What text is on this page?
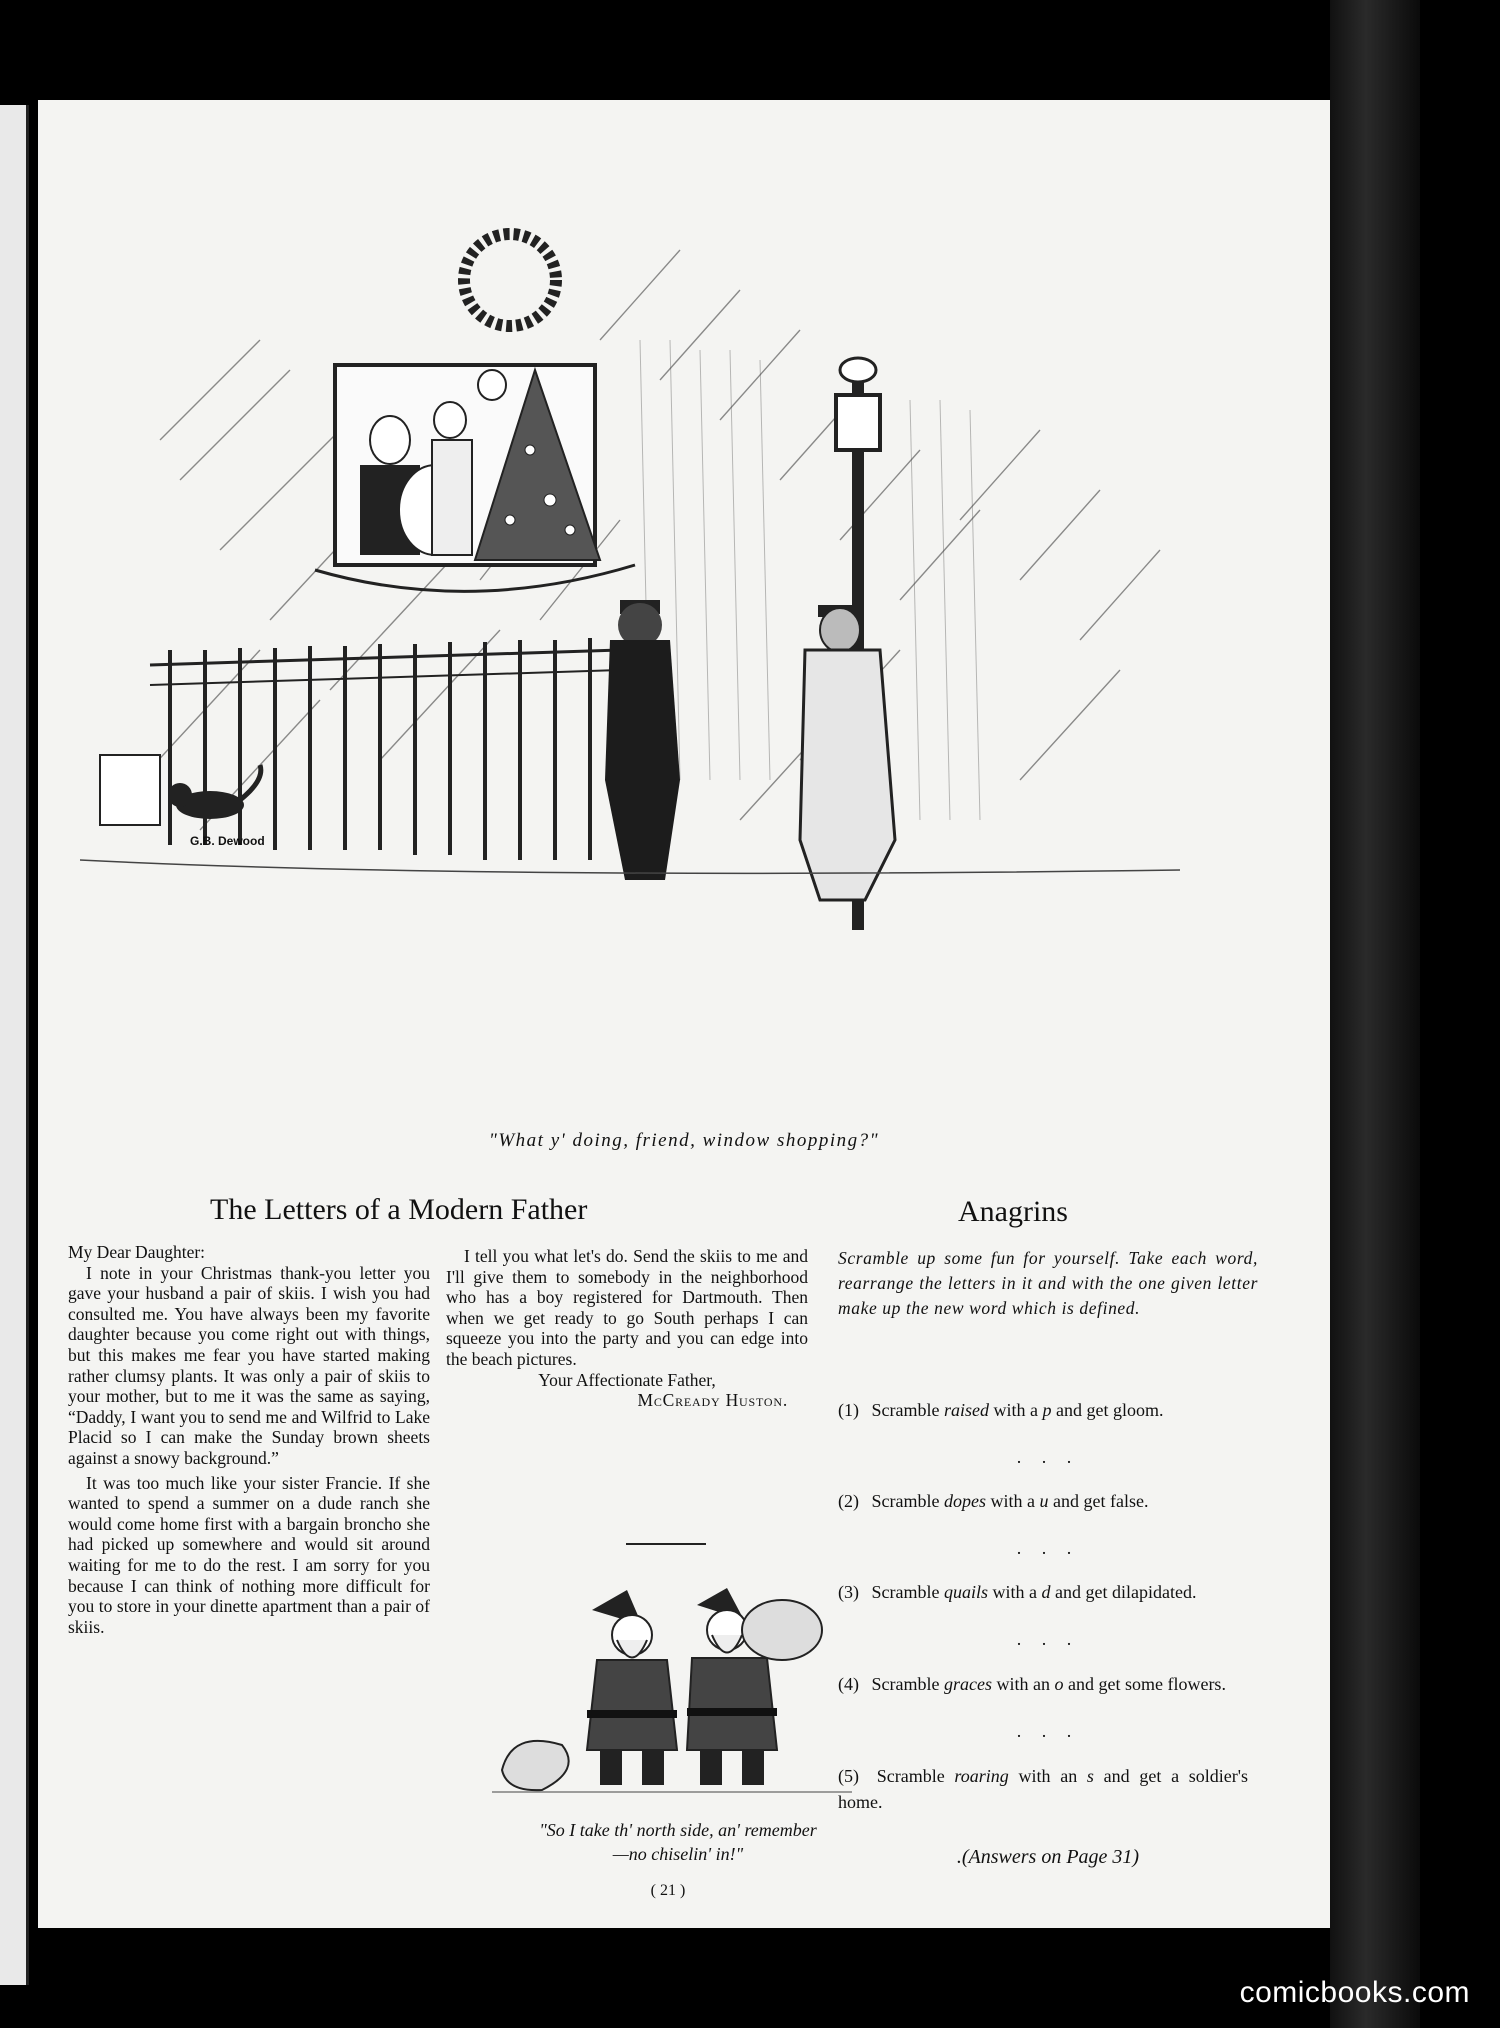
G.B. Dewood
"What y' doing, friend, window shopping?"
The Letters of a Modern Father

My Dear Daughter:

I note in your Christmas thank-you letter you gave your husband a pair of skiis. I wish you had consulted me. You have always been my favorite daughter because you come right out with things, but this makes me fear you have started making rather clumsy plants. It was only a pair of skiis to your mother, but to me it was the same as saying, “Daddy, I want you to send me and Wilfrid to Lake Placid so I can make the Sunday brown sheets against a snowy background.”

It was too much like your sister Francie. If she wanted to spend a summer on a dude ranch she would come home first with a bargain broncho she had picked up somewhere and would sit around waiting for me to do the rest. I am sorry for you because I can think of nothing more difficult for you to store in your dinette apartment than a pair of skiis.

I tell you what let's do. Send the skiis to me and I'll give them to somebody in the neighborhood who has a boy registered for Dartmouth. Then when we get ready to go South perhaps I can squeeze you into the party and you can edge into the beach pictures.

Your Affectionate Father,

McCready Huston.

"So I take th' north side, an' remember
—no chiselin' in!"
( 21 )
Anagrins
Scramble up some fun for yourself. Take each word, rearrange the letters in it and with the one given letter make up the new word which is defined.
(1) Scramble raised with a p and get gloom.
. . .
(2) Scramble dopes with a u and get false.
. . .
(3) Scramble quails with a d and get dilapidated.
. . .
(4) Scramble graces with an o and get some flowers.
. . .
(5) Scramble roaring with an s and get a soldier's home.
.(Answers on Page 31)
comicbooks.com
